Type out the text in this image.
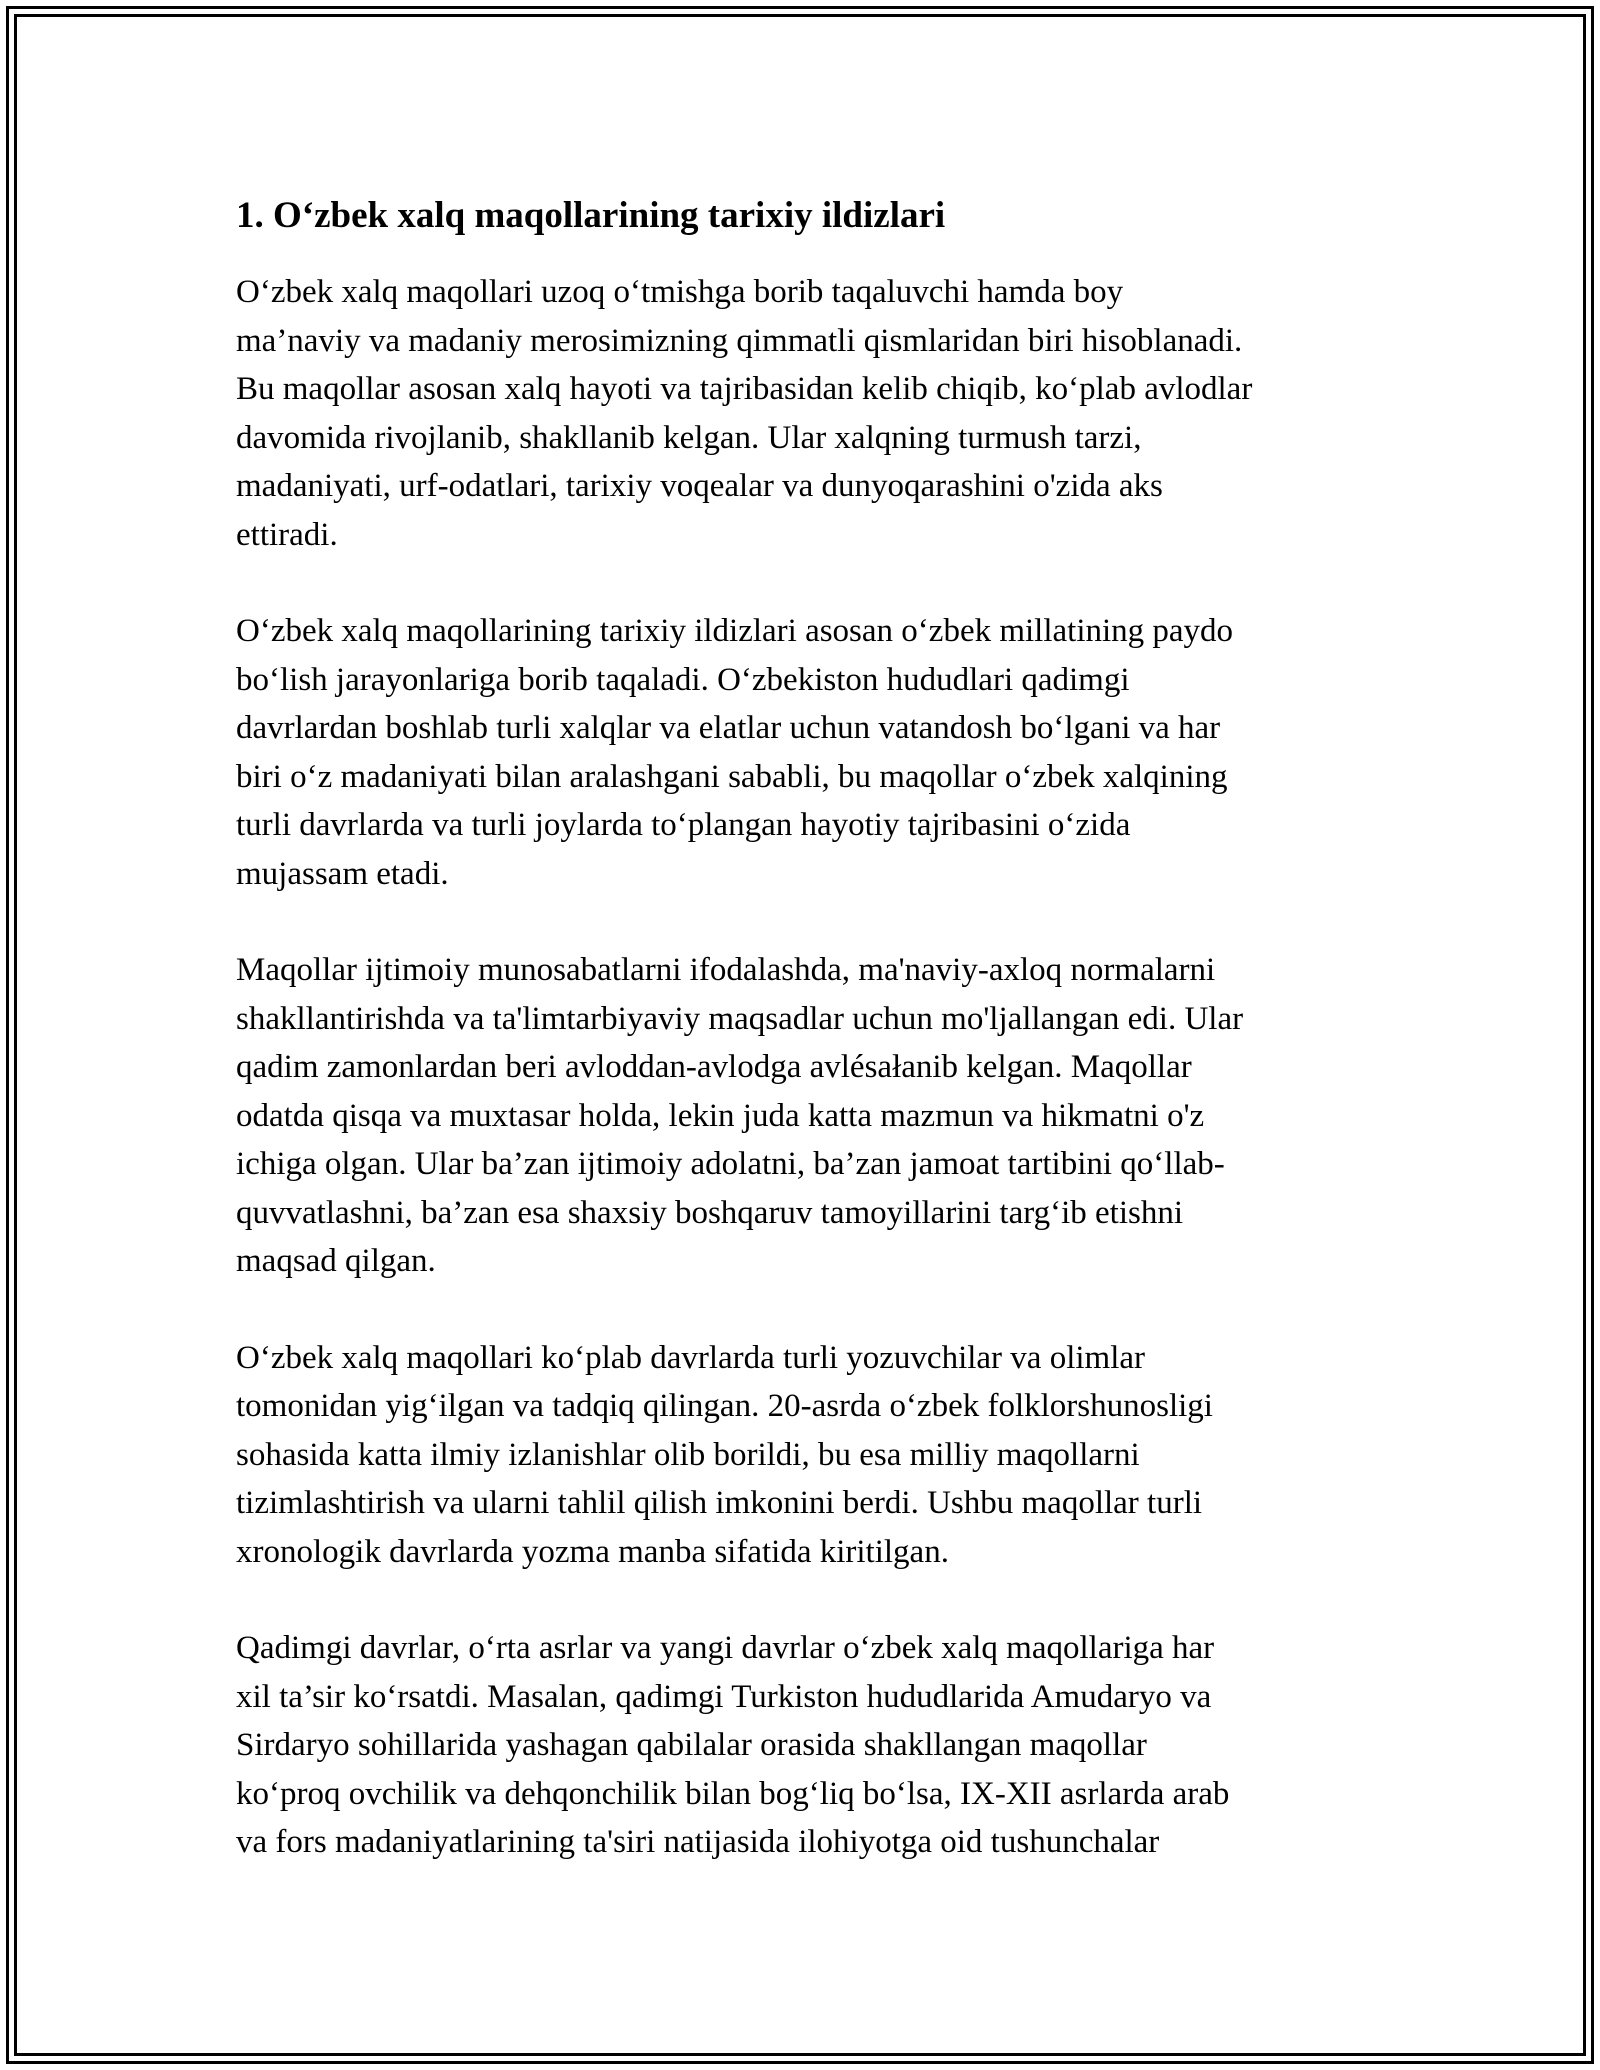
1. O‘zbek xalq maqollarining tarixiy ildizlari

O‘zbek xalq maqollari uzoq o‘tmishga borib taqaluvchi hamda boy
ma’naviy va madaniy merosimizning qimmatli qismlaridan biri hisoblanadi.
Bu maqollar asosan xalq hayoti va tajribasidan kelib chiqib, ko‘plab avlodlar
davomida rivojlanib, shakllanib kelgan. Ular xalqning turmush tarzi,
madaniyati, urf-odatlari, tarixiy voqealar va dunyoqarashini o'zida aks
ettiradi.

O‘zbek xalq maqollarining tarixiy ildizlari asosan o‘zbek millatining paydo
bo‘lish jarayonlariga borib taqaladi. O‘zbekiston hududlari qadimgi
davrlardan boshlab turli xalqlar va elatlar uchun vatandosh bo‘lgani va har
biri o‘z madaniyati bilan aralashgani sababli, bu maqollar o‘zbek xalqining
turli davrlarda va turli joylarda to‘plangan hayotiy tajribasini o‘zida
mujassam etadi.

Maqollar ijtimoiy munosabatlarni ifodalashda, ma'naviy-axloq normalarni
shakllantirishda va ta'limtarbiyaviy maqsadlar uchun mo'ljallangan edi. Ular
qadim zamonlardan beri avloddan-avlodga avlésałanib kelgan. Maqollar
odatda qisqa va muxtasar holda, lekin juda katta mazmun va hikmatni o'z
ichiga olgan. Ular ba’zan ijtimoiy adolatni, ba’zan jamoat tartibini qo‘llab-
quvvatlashni, ba’zan esa shaxsiy boshqaruv tamoyillarini targ‘ib etishni
maqsad qilgan.

O‘zbek xalq maqollari ko‘plab davrlarda turli yozuvchilar va olimlar
tomonidan yig‘ilgan va tadqiq qilingan. 20-asrda o‘zbek folklorshunosligi
sohasida katta ilmiy izlanishlar olib borildi, bu esa milliy maqollarni
tizimlashtirish va ularni tahlil qilish imkonini berdi. Ushbu maqollar turli
xronologik davrlarda yozma manba sifatida kiritilgan.

Qadimgi davrlar, o‘rta asrlar va yangi davrlar o‘zbek xalq maqollariga har
xil ta’sir ko‘rsatdi. Masalan, qadimgi Turkiston hududlarida Amudaryo va
Sirdaryo sohillarida yashagan qabilalar orasida shakllangan maqollar
ko‘proq ovchilik va dehqonchilik bilan bog‘liq bo‘lsa, IX-XII asrlarda arab
va fors madaniyatlarining ta'siri natijasida ilohiyotga oid tushunchalar
